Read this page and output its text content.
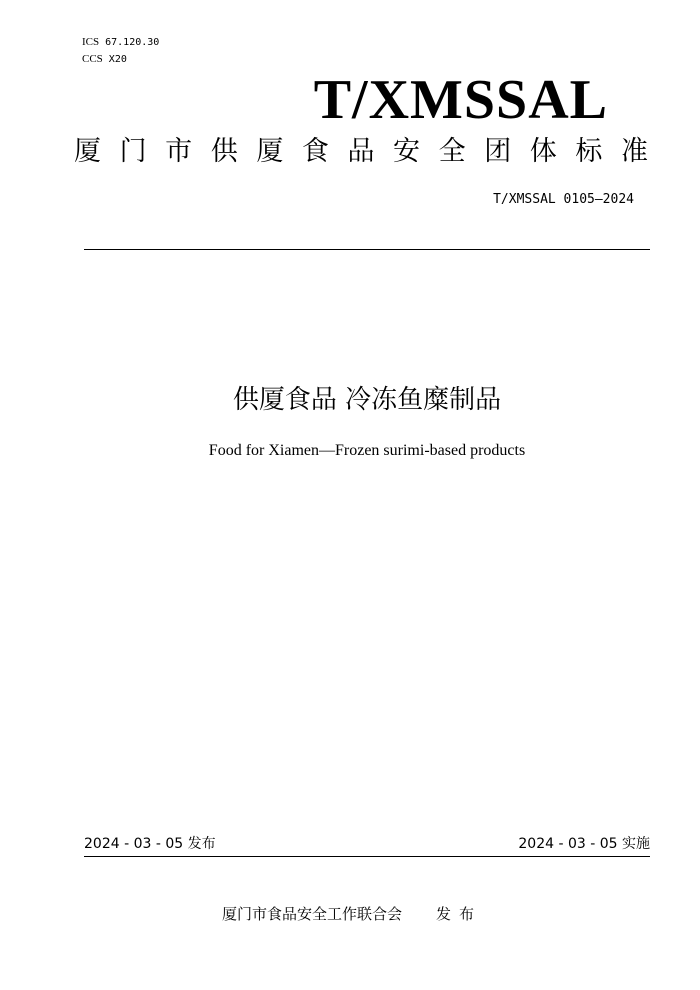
ICS 67.120.30
CCS X20
T/XMSSAL
厦 门 市 供 厦 食 品 安 全 团 体 标 准
T/XMSSAL 0105—2024
供厦食品 冷冻鱼糜制品
Food for Xiamen—Frozen surimi-based products
2024 - 03 - 05 发布	2024 - 03 - 05 实施
厦门市食品安全工作联合会 发布
